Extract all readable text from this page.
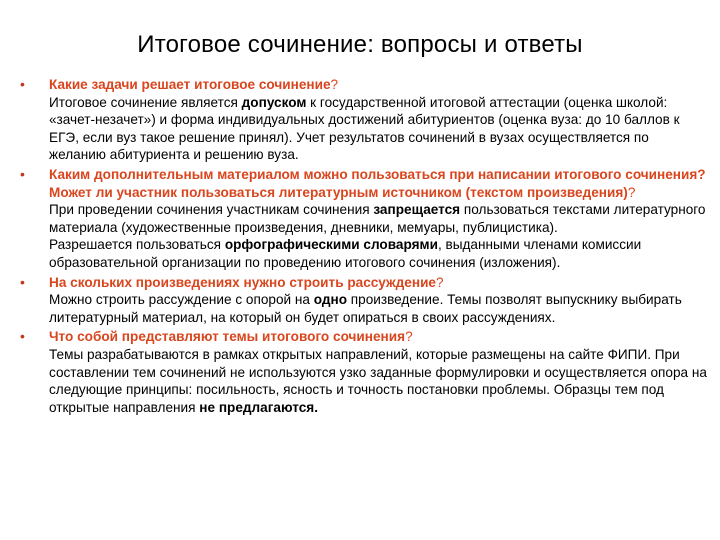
Итоговое сочинение: вопросы и ответы
• Какие задачи решает итоговое сочинение?
Итоговое сочинение является допуском к государственной итоговой аттестации (оценка школой: «зачет-незачет») и форма индивидуальных достижений абитуриентов (оценка вуза: до 10 баллов к ЕГЭ, если вуз такое решение принял). Учет результатов сочинений в вузах осуществляется по желанию абитуриента и решению вуза.
• Каким дополнительным материалом можно пользоваться при написании итогового сочинения? Может ли участник пользоваться литературным источником (текстом произведения)?
При проведении сочинения участникам сочинения запрещается пользоваться текстами литературного материала (художественные произведения, дневники, мемуары, публицистика).
Разрешается пользоваться орфографическими словарями, выданными членами комиссии образовательной организации по проведению итогового сочинения (изложения).
• На скольких произведениях нужно строить рассуждение?
Можно строить рассуждение с опорой на одно произведение. Темы позволят выпускнику выбирать литературный материал, на который он будет опираться в своих рассуждениях.
• Что собой представляют темы итогового сочинения?
Темы разрабатываются в рамках открытых направлений, которые размещены на сайте ФИПИ. При составлении тем сочинений не используются узко заданные формулировки и осуществляется опора на следующие принципы: посильность, ясность и точность постановки проблемы. Образцы тем под открытые направления не предлагаются.
